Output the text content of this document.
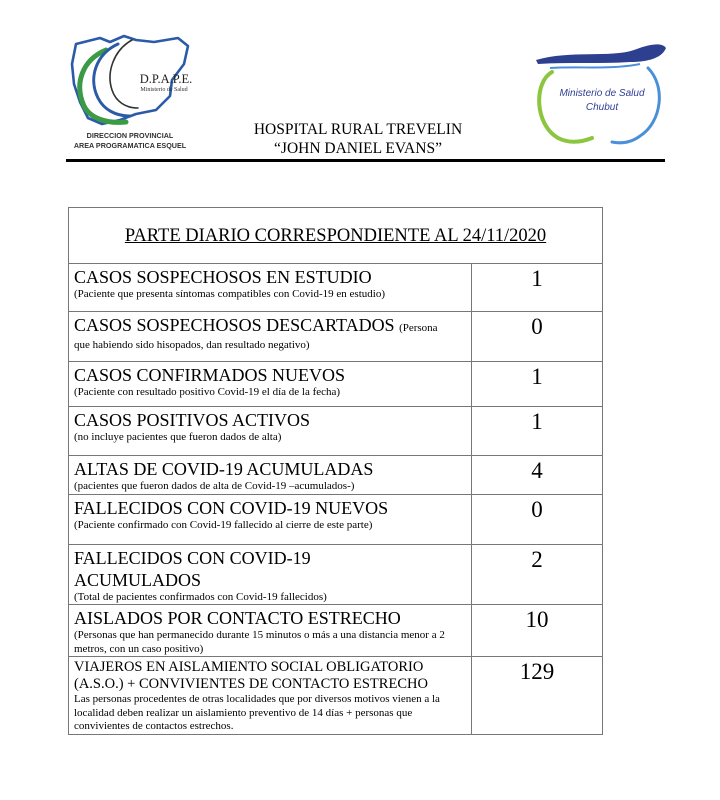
D.P.A.P.E.
Ministerio de Salud
DIRECCION PROVINCIAL
AREA PROGRAMATICA ESQUEL
Ministerio de Salud
Chubut
HOSPITAL RURAL TREVELIN
“JOHN DANIEL EVANS”
PARTE DIARIO CORRESPONDIENTE AL 24/11/2020	

CASOS SOSPECHOSOS EN ESTUDIO
(Paciente que presenta síntomas compatibles con Covid-19 en estudio)	1

CASOS SOSPECHOSOS DESCARTADOS (Persona
que habiendo sido hisopados, dan resultado negativo)	0

CASOS CONFIRMADOS NUEVOS
(Paciente con resultado positivo Covid-19 el día de la fecha)	1

CASOS POSITIVOS ACTIVOS
(no incluye pacientes que fueron dados de alta)	1

ALTAS DE COVID-19 ACUMULADAS
(pacientes que fueron dados de alta de Covid-19 –acumulados-)	4

FALLECIDOS CON COVID-19 NUEVOS
(Paciente confirmado con Covid-19 fallecido al cierre de este parte)	0

FALLECIDOS CON COVID-19 ACUMULADOS
(Total de pacientes confirmados con Covid-19 fallecidos)	2

AISLADOS POR CONTACTO ESTRECHO
(Personas que han permanecido durante 15 minutos o más a una distancia menor a 2 metros, con un caso positivo)	10

VIAJEROS EN AISLAMIENTO SOCIAL OBLIGATORIO (A.S.O.) + CONVIVIENTES DE CONTACTO ESTRECHO
Las personas procedentes de otras localidades que por diversos motivos vienen a la localidad deben realizar un aislamiento preventivo de 14 días + personas que convivientes de contactos estrechos.	129
